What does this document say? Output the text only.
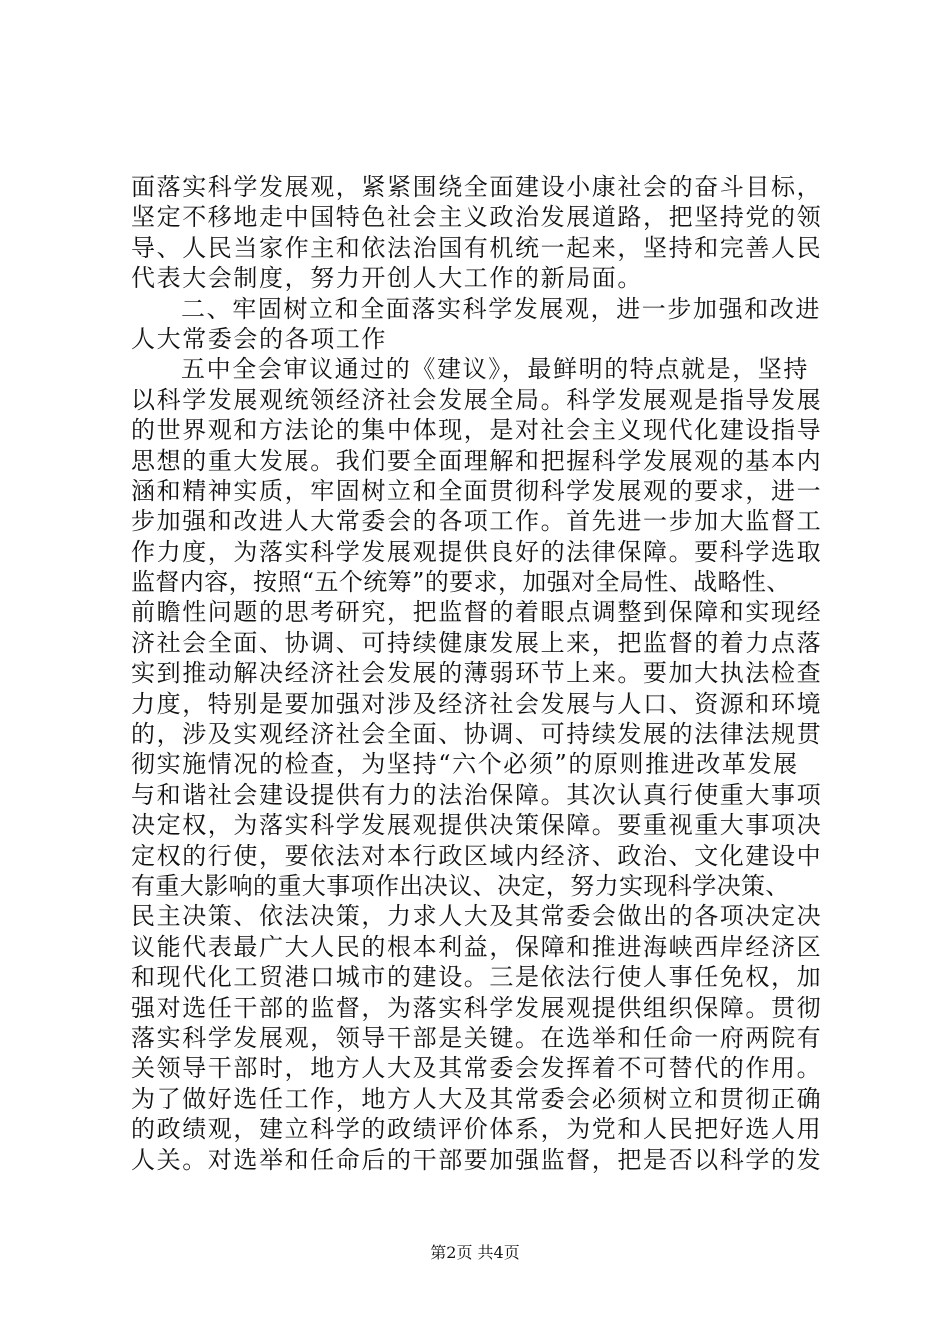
面落实科学发展观，紧紧围绕全面建设小康社会的奋斗目标，
坚定不移地走中国特色社会主义政治发展道路，把坚持党的领
导、人民当家作主和依法治国有机统一起来，坚持和完善人民
代表大会制度，努力开创人大工作的新局面。
二、牢固树立和全面落实科学发展观，进一步加强和改进
人大常委会的各项工作
五中全会审议通过的《建议》，最鲜明的特点就是，坚持
以科学发展观统领经济社会发展全局。科学发展观是指导发展
的世界观和方法论的集中体现，是对社会主义现代化建设指导
思想的重大发展。我们要全面理解和把握科学发展观的基本内
涵和精神实质，牢固树立和全面贯彻科学发展观的要求，进一
步加强和改进人大常委会的各项工作。首先进一步加大监督工
作力度，为落实科学发展观提供良好的法律保障。要科学选取
监督内容，按照“五个统筹”的要求，加强对全局性、战略性、
前瞻性问题的思考研究，把监督的着眼点调整到保障和实现经
济社会全面、协调、可持续健康发展上来，把监督的着力点落
实到推动解决经济社会发展的薄弱环节上来。要加大执法检查
力度，特别是要加强对涉及经济社会发展与人口、资源和环境
的，涉及实观经济社会全面、协调、可持续发展的法律法规贯
彻实施情况的检查，为坚持“六个必须”的原则推进改革发展
与和谐社会建设提供有力的法治保障。其次认真行使重大事项
决定权，为落实科学发展观提供决策保障。要重视重大事项决
定权的行使，要依法对本行政区域内经济、政治、文化建设中
有重大影响的重大事项作出决议、决定，努力实现科学决策、
民主决策、依法决策，力求人大及其常委会做出的各项决定决
议能代表最广大人民的根本利益，保障和推进海峡西岸经济区
和现代化工贸港口城市的建设。三是依法行使人事任免权，加
强对选任干部的监督，为落实科学发展观提供组织保障。贯彻
落实科学发展观，领导干部是关键。在选举和任命一府两院有
关领导干部时，地方人大及其常委会发挥着不可替代的作用。
为了做好选任工作，地方人大及其常委会必须树立和贯彻正确
的政绩观，建立科学的政绩评价体系，为党和人民把好选人用
人关。对选举和任命后的干部要加强监督，把是否以科学的发
第2页 共4页
